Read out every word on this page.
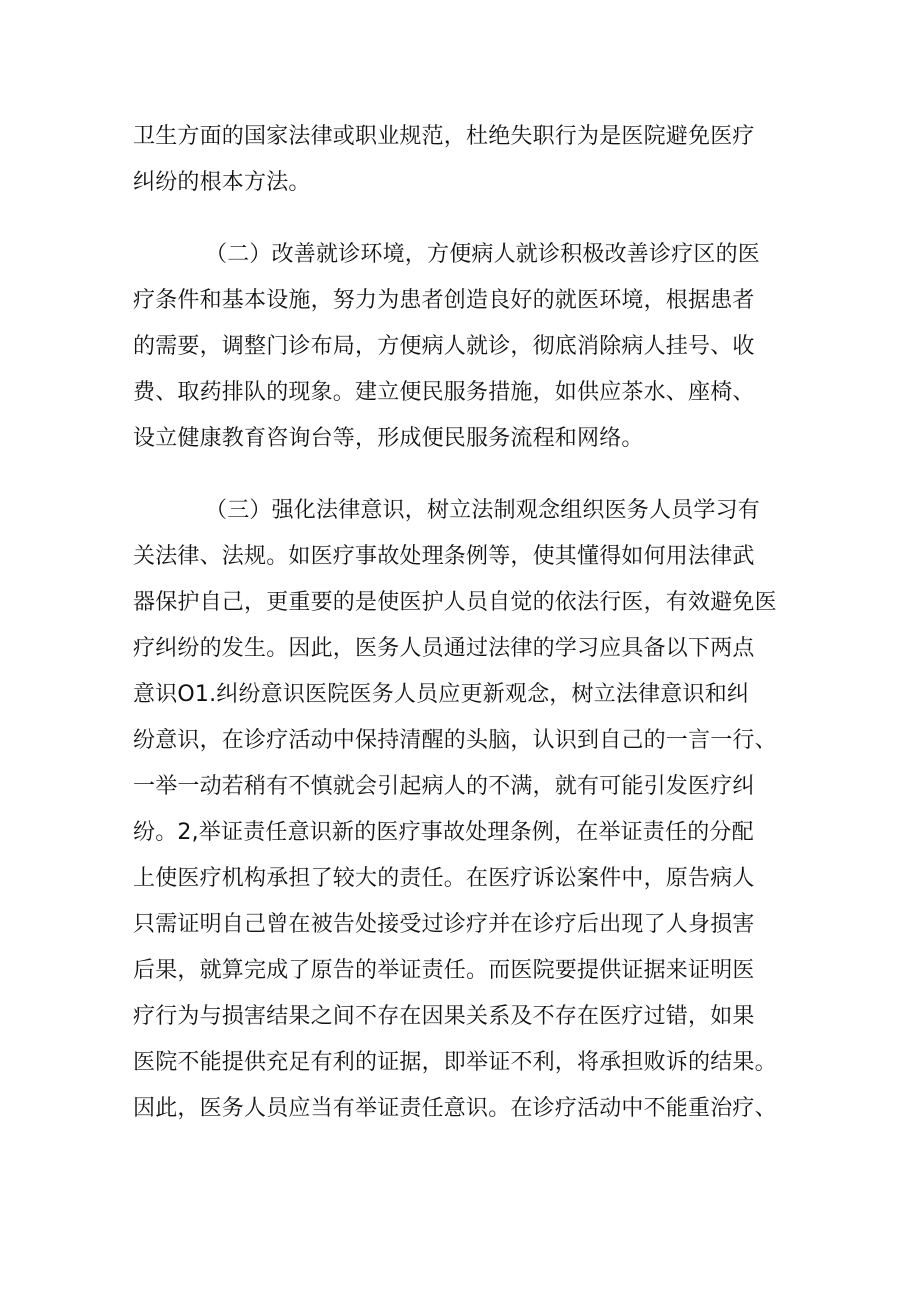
卫生方面的国家法律或职业规范，杜绝失职行为是医院避免医疗
纠纷的根本方法。
（二）改善就诊环境，方便病人就诊积极改善诊疗区的医
疗条件和基本设施，努力为患者创造良好的就医环境，根据患者
的需要，调整门诊布局，方便病人就诊，彻底消除病人挂号、收
费、取药排队的现象。建立便民服务措施，如供应茶水、座椅、
设立健康教育咨询台等，形成便民服务流程和网络。
（三）强化法律意识，树立法制观念组织医务人员学习有
关法律、法规。如医疗事故处理条例等，使其懂得如何用法律武
器保护自己，更重要的是使医护人员自觉的依法行医，有效避免医
疗纠纷的发生。因此，医务人员通过法律的学习应具备以下两点
意识O1.纠纷意识医院医务人员应更新观念，树立法律意识和纠
纷意识，在诊疗活动中保持清醒的头脑，认识到自己的一言一行、
一举一动若稍有不慎就会引起病人的不满，就有可能引发医疗纠
纷。2,举证责任意识新的医疗事故处理条例，在举证责任的分配
上使医疗机构承担了较大的责任。在医疗诉讼案件中，原告病人
只需证明自己曾在被告处接受过诊疗并在诊疗后出现了人身损害
后果，就算完成了原告的举证责任。而医院要提供证据来证明医
疗行为与损害结果之间不存在因果关系及不存在医疗过错，如果
医院不能提供充足有利的证据，即举证不利，将承担败诉的结果。
因此，医务人员应当有举证责任意识。在诊疗活动中不能重治疗、
